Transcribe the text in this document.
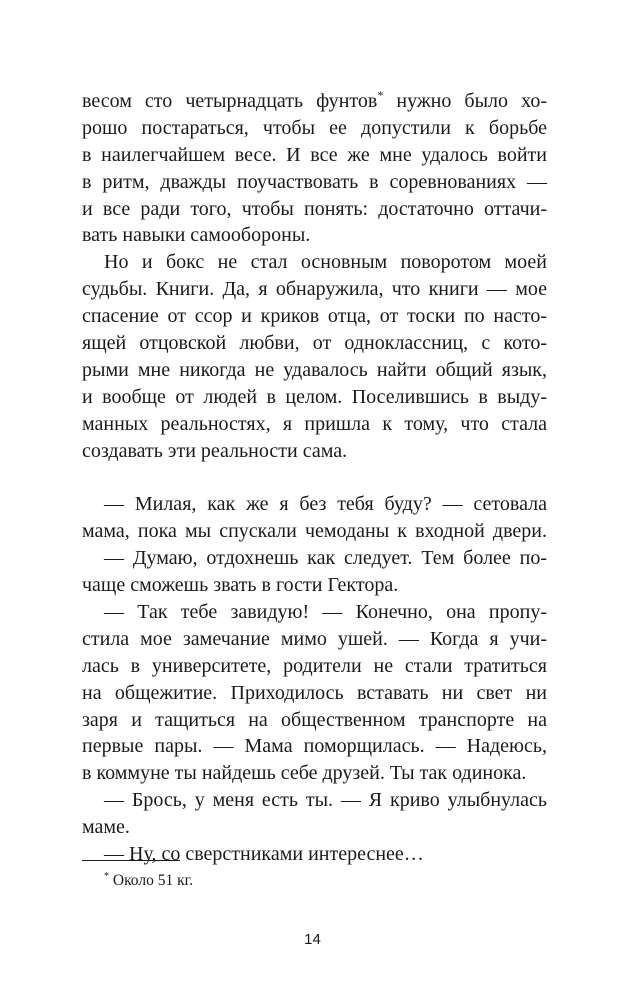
весом сто четырнадцать фунтов* нужно было хо-
рошо постараться, чтобы ее допустили к борьбе
в наилегчайшем весе. И все же мне удалось войти
в ритм, дважды поучаствовать в соревнованиях —
и все ради того, чтобы понять: достаточно оттачи-
вать навыки самообороны.
Но и бокс не стал основным поворотом моей
судьбы. Книги. Да, я обнаружила, что книги — мое
спасение от ссор и криков отца, от тоски по насто-
ящей отцовской любви, от одноклассниц, с кото-
рыми мне никогда не удавалось найти общий язык,
и вообще от людей в целом. Поселившись в выду-
манных реальностях, я пришла к тому, что стала
создавать эти реальности сама.
— Милая, как же я без тебя буду? — сетовала
мама, пока мы спускали чемоданы к входной двери.
— Думаю, отдохнешь как следует. Тем более по-
чаще сможешь звать в гости Гектора.
— Так тебе завидую! — Конечно, она пропу-
стила мое замечание мимо ушей. — Когда я учи-
лась в университете, родители не стали тратиться
на общежитие. Приходилось вставать ни свет ни
заря и тащиться на общественном транспорте на
первые пары. — Мама поморщилась. — Надеюсь,
в коммуне ты найдешь себе друзей. Ты так одинока.
— Брось, у меня есть ты. — Я криво улыбнулась
маме.
— Ну, со сверстниками интереснее…
* Около 51 кг.
14
